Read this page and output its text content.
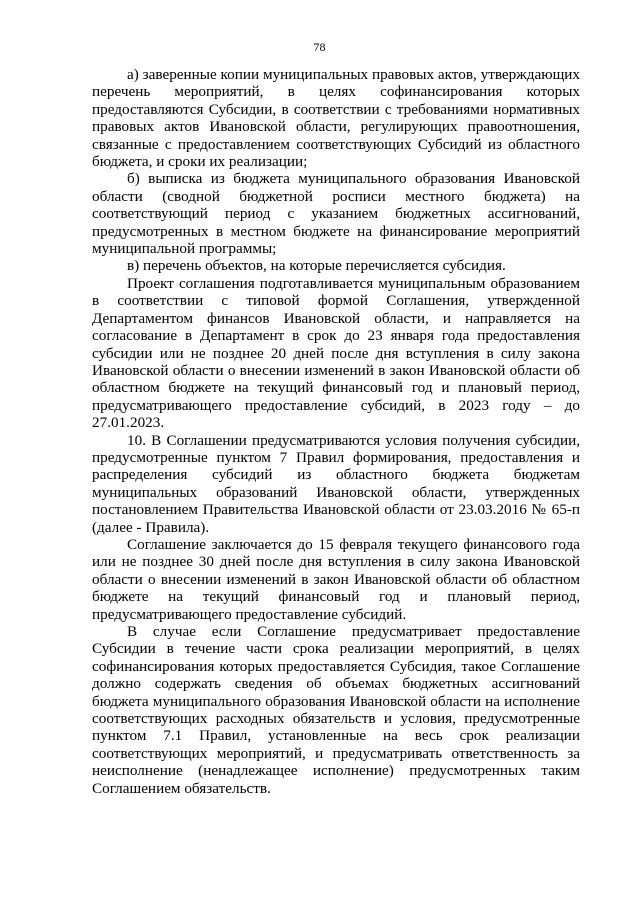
78

а) заверенные копии муниципальных правовых актов, утверждающих перечень мероприятий, в целях софинансирования которых предоставляются Субсидии, в соответствии с требованиями нормативных правовых актов Ивановской области, регулирующих правоотношения, связанные с предоставлением соответствующих Субсидий из областного бюджета, и сроки их реализации;

б) выписка из бюджета муниципального образования Ивановской области (сводной бюджетной росписи местного бюджета) на соответствующий период с указанием бюджетных ассигнований, предусмотренных в местном бюджете на финансирование мероприятий муниципальной программы;

в) перечень объектов, на которые перечисляется субсидия.

Проект соглашения подготавливается муниципальным образованием в соответствии с типовой формой Соглашения, утвержденной Департаментом финансов Ивановской области, и направляется на согласование в Департамент в срок до 23 января года предоставления субсидии или не позднее 20 дней после дня вступления в силу закона Ивановской области о внесении изменений в закон Ивановской области об областном бюджете на текущий финансовый год и плановый период, предусматривающего предоставление субсидий, в 2023 году – до 27.01.2023.

10. В Соглашении предусматриваются условия получения субсидии, предусмотренные пунктом 7 Правил формирования, предоставления и распределения субсидий из областного бюджета бюджетам муниципальных образований Ивановской области, утвержденных постановлением Правительства Ивановской области от 23.03.2016 № 65-п (далее - Правила).

Соглашение заключается до 15 февраля текущего финансового года или не позднее 30 дней после дня вступления в силу закона Ивановской области о внесении изменений в закон Ивановской области об областном бюджете на текущий финансовый год и плановый период, предусматривающего предоставление субсидий.

В случае если Соглашение предусматривает предоставление Субсидии в течение части срока реализации мероприятий, в целях софинансирования которых предоставляется Субсидия, такое Соглашение должно содержать сведения об объемах бюджетных ассигнований бюджета муниципального образования Ивановской области на исполнение соответствующих расходных обязательств и условия, предусмотренные пунктом 7.1 Правил, установленные на весь срок реализации соответствующих мероприятий, и предусматривать ответственность за неисполнение (ненадлежащее исполнение) предусмотренных таким Соглашением обязательств.
